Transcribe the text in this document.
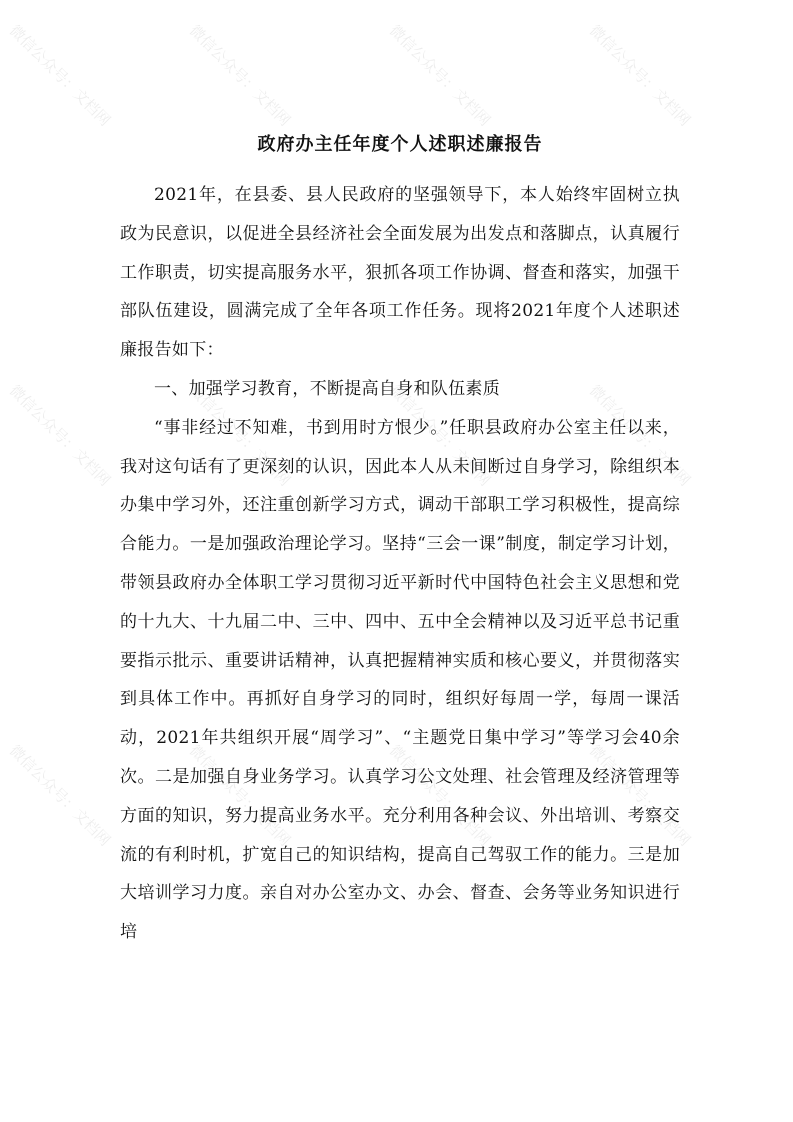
微信公众号：文档网	微信公众号：文档网	微信公众号：文档网	微信公众号：文档网
微信公众号：文档网	微信公众号：文档网	微信公众号：文档网	微信公众号：文档网
微信公众号：文档网	微信公众号：文档网	微信公众号：文档网	微信公众号：文档网
政府办主任年度个人述职述廉报告

2021年，在县委、县人民政府的坚强领导下，本人始终牢固树立执政为民意识，以促进全县经济社会全面发展为出发点和落脚点，认真履行工作职责，切实提高服务水平，狠抓各项工作协调、督查和落实，加强干部队伍建设，圆满完成了全年各项工作任务。现将2021年度个人述职述廉报告如下：

一、加强学习教育，不断提高自身和队伍素质

“事非经过不知难，书到用时方恨少。”任职县政府办公室主任以来，我对这句话有了更深刻的认识，因此本人从未间断过自身学习，除组织本办集中学习外，还注重创新学习方式，调动干部职工学习积极性，提高综合能力。一是加强政治理论学习。坚持“三会一课”制度，制定学习计划，带领县政府办全体职工学习贯彻习近平新时代中国特色社会主义思想和党的十九大、十九届二中、三中、四中、五中全会精神以及习近平总书记重要指示批示、重要讲话精神，认真把握精神实质和核心要义，并贯彻落实到具体工作中。再抓好自身学习的同时，组织好每周一学，每周一课活动，2021年共组织开展“周学习”、“主题党日集中学习”等学习会40余次。二是加强自身业务学习。认真学习公文处理、社会管理及经济管理等方面的知识，努力提高业务水平。充分利用各种会议、外出培训、考察交流的有利时机，扩宽自己的知识结构，提高自己驾驭工作的能力。三是加大培训学习力度。亲自对办公室办文、办会、督查、会务等业务知识进行培
